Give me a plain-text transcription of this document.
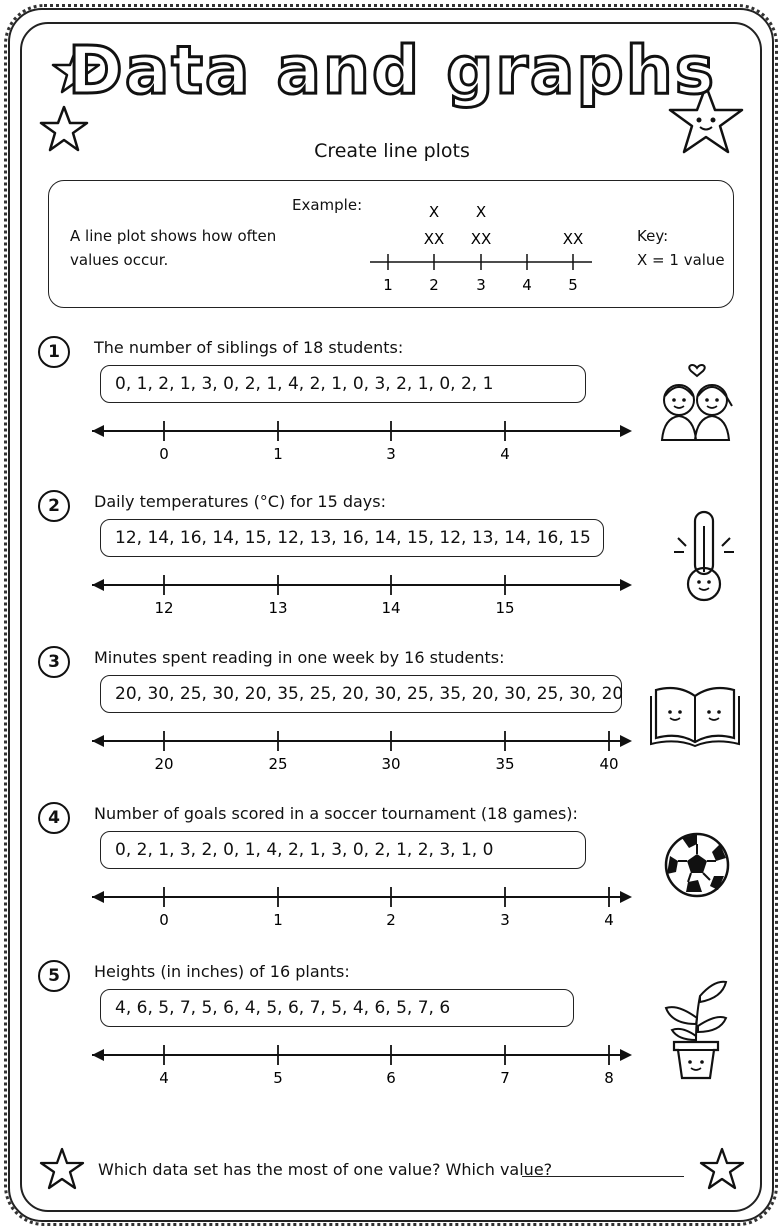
Data and graphs
Create line plots
Example:
A line plot shows how often
values occur.
Key:
X = 1 value
1 2 3 4 5
XX
X
XX
X
XX
1	The number of siblings of 18 students:
0, 1, 2, 1, 3, 0, 2, 1, 4, 2, 1, 0, 3, 2, 1, 0, 2, 1
0	1	3	4
2	Daily temperatures (°C) for 15 days:
12, 14, 16, 14, 15, 12, 13, 16, 14, 15, 12, 13, 14, 16, 15
12	13	14	15
3	Minutes spent reading in one week by 16 students:
20, 30, 25, 30, 20, 35, 25, 20, 30, 25, 35, 20, 30, 25, 30, 20
20	25	30	35	40
4	Number of goals scored in a soccer tournament (18 games):
0, 2, 1, 3, 2, 0, 1, 4, 2, 1, 3, 0, 2, 1, 2, 3, 1, 0
0	1	2	3	4
5	Heights (in inches) of 16 plants:
4, 6, 5, 7, 5, 6, 4, 5, 6, 7, 5, 4, 6, 5, 7, 6
4	5	6	7	8
Which data set has the most of one value? Which value?
